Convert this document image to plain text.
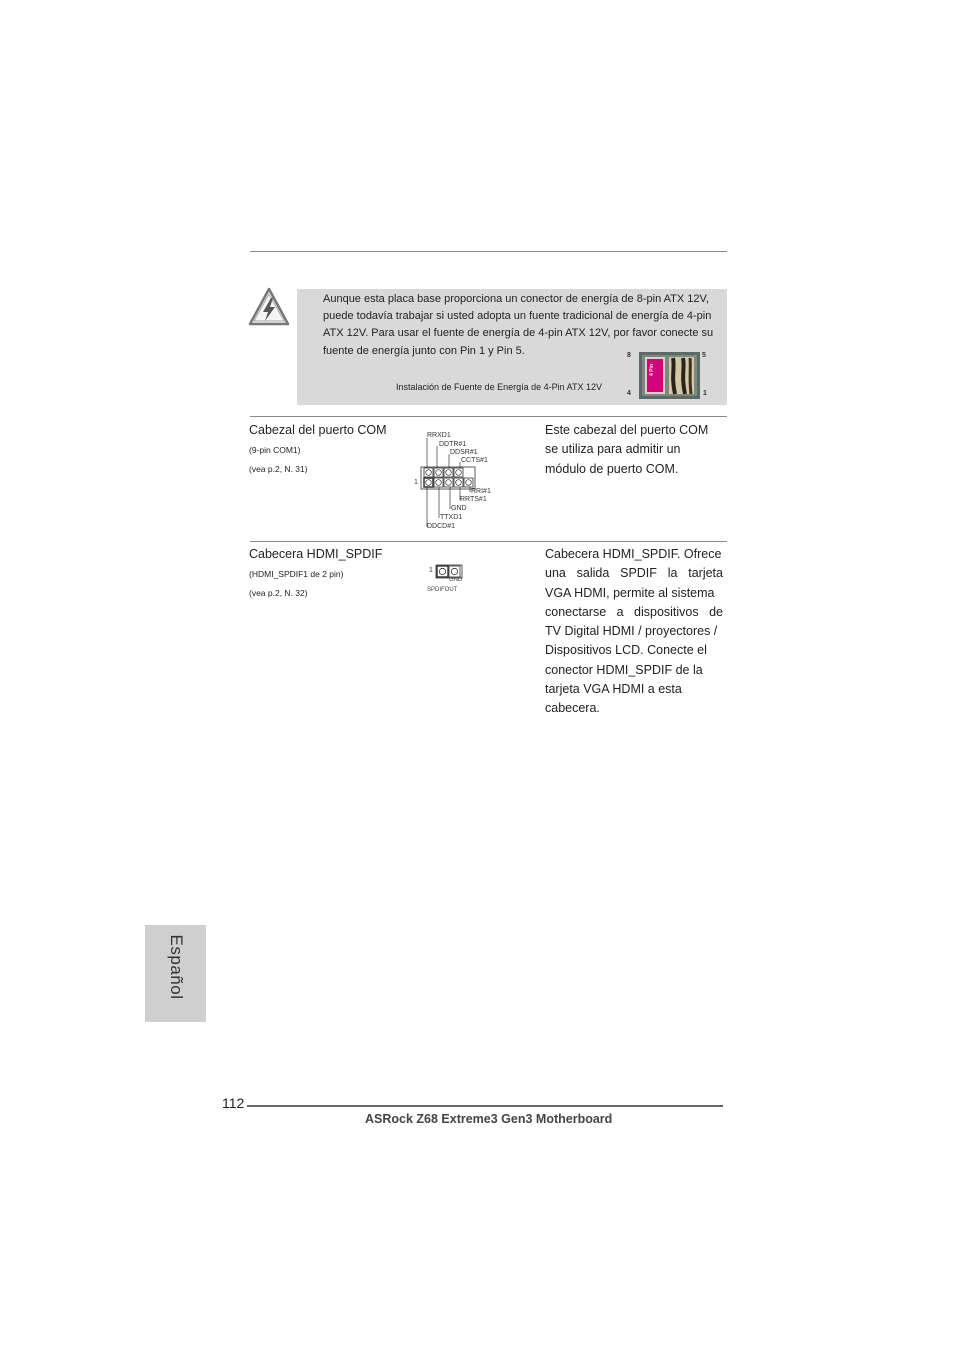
Aunque esta placa base proporciona un conector de energía de 8-pin ATX 12V, puede todavía trabajar si usted adopta un fuente tradicional de energía de 4-pin ATX 12V. Para usar el fuente de energía de 4-pin ATX 12V, por favor conecte su fuente de energía junto con Pin 1 y Pin 5.
Instalación de Fuente de Energía de 4-Pin ATX 12V
8	5
4	1
4 Pin
Cabezal del puerto COM
(9-pin COM1)
(vea p.2, N. 31)
RRXD1
DDTR#1
DDSR#1
CCTS#1
1
RRI#1
RRTS#1
GND
TTXD1
DDCD#1
Este cabezal del puerto COM
se utiliza para admitir un
módulo de puerto COM.
Cabecera HDMI_SPDIF
(HDMI_SPDIF1 de 2 pin)
(vea p.2, N. 32)
1
GND
SPDIFOUT
Cabecera HDMI_SPDIF. Ofrece
una salida SPDIF la tarjeta
VGA HDMI, permite al sistema
conectarse a dispositivos de
TV Digital HDMI / proyectores /
Dispositivos LCD. Conecte el
conector HDMI_SPDIF de la
tarjeta VGA HDMI a esta
cabecera.
Español
112
ASRock Z68 Extreme3 Gen3 Motherboard
